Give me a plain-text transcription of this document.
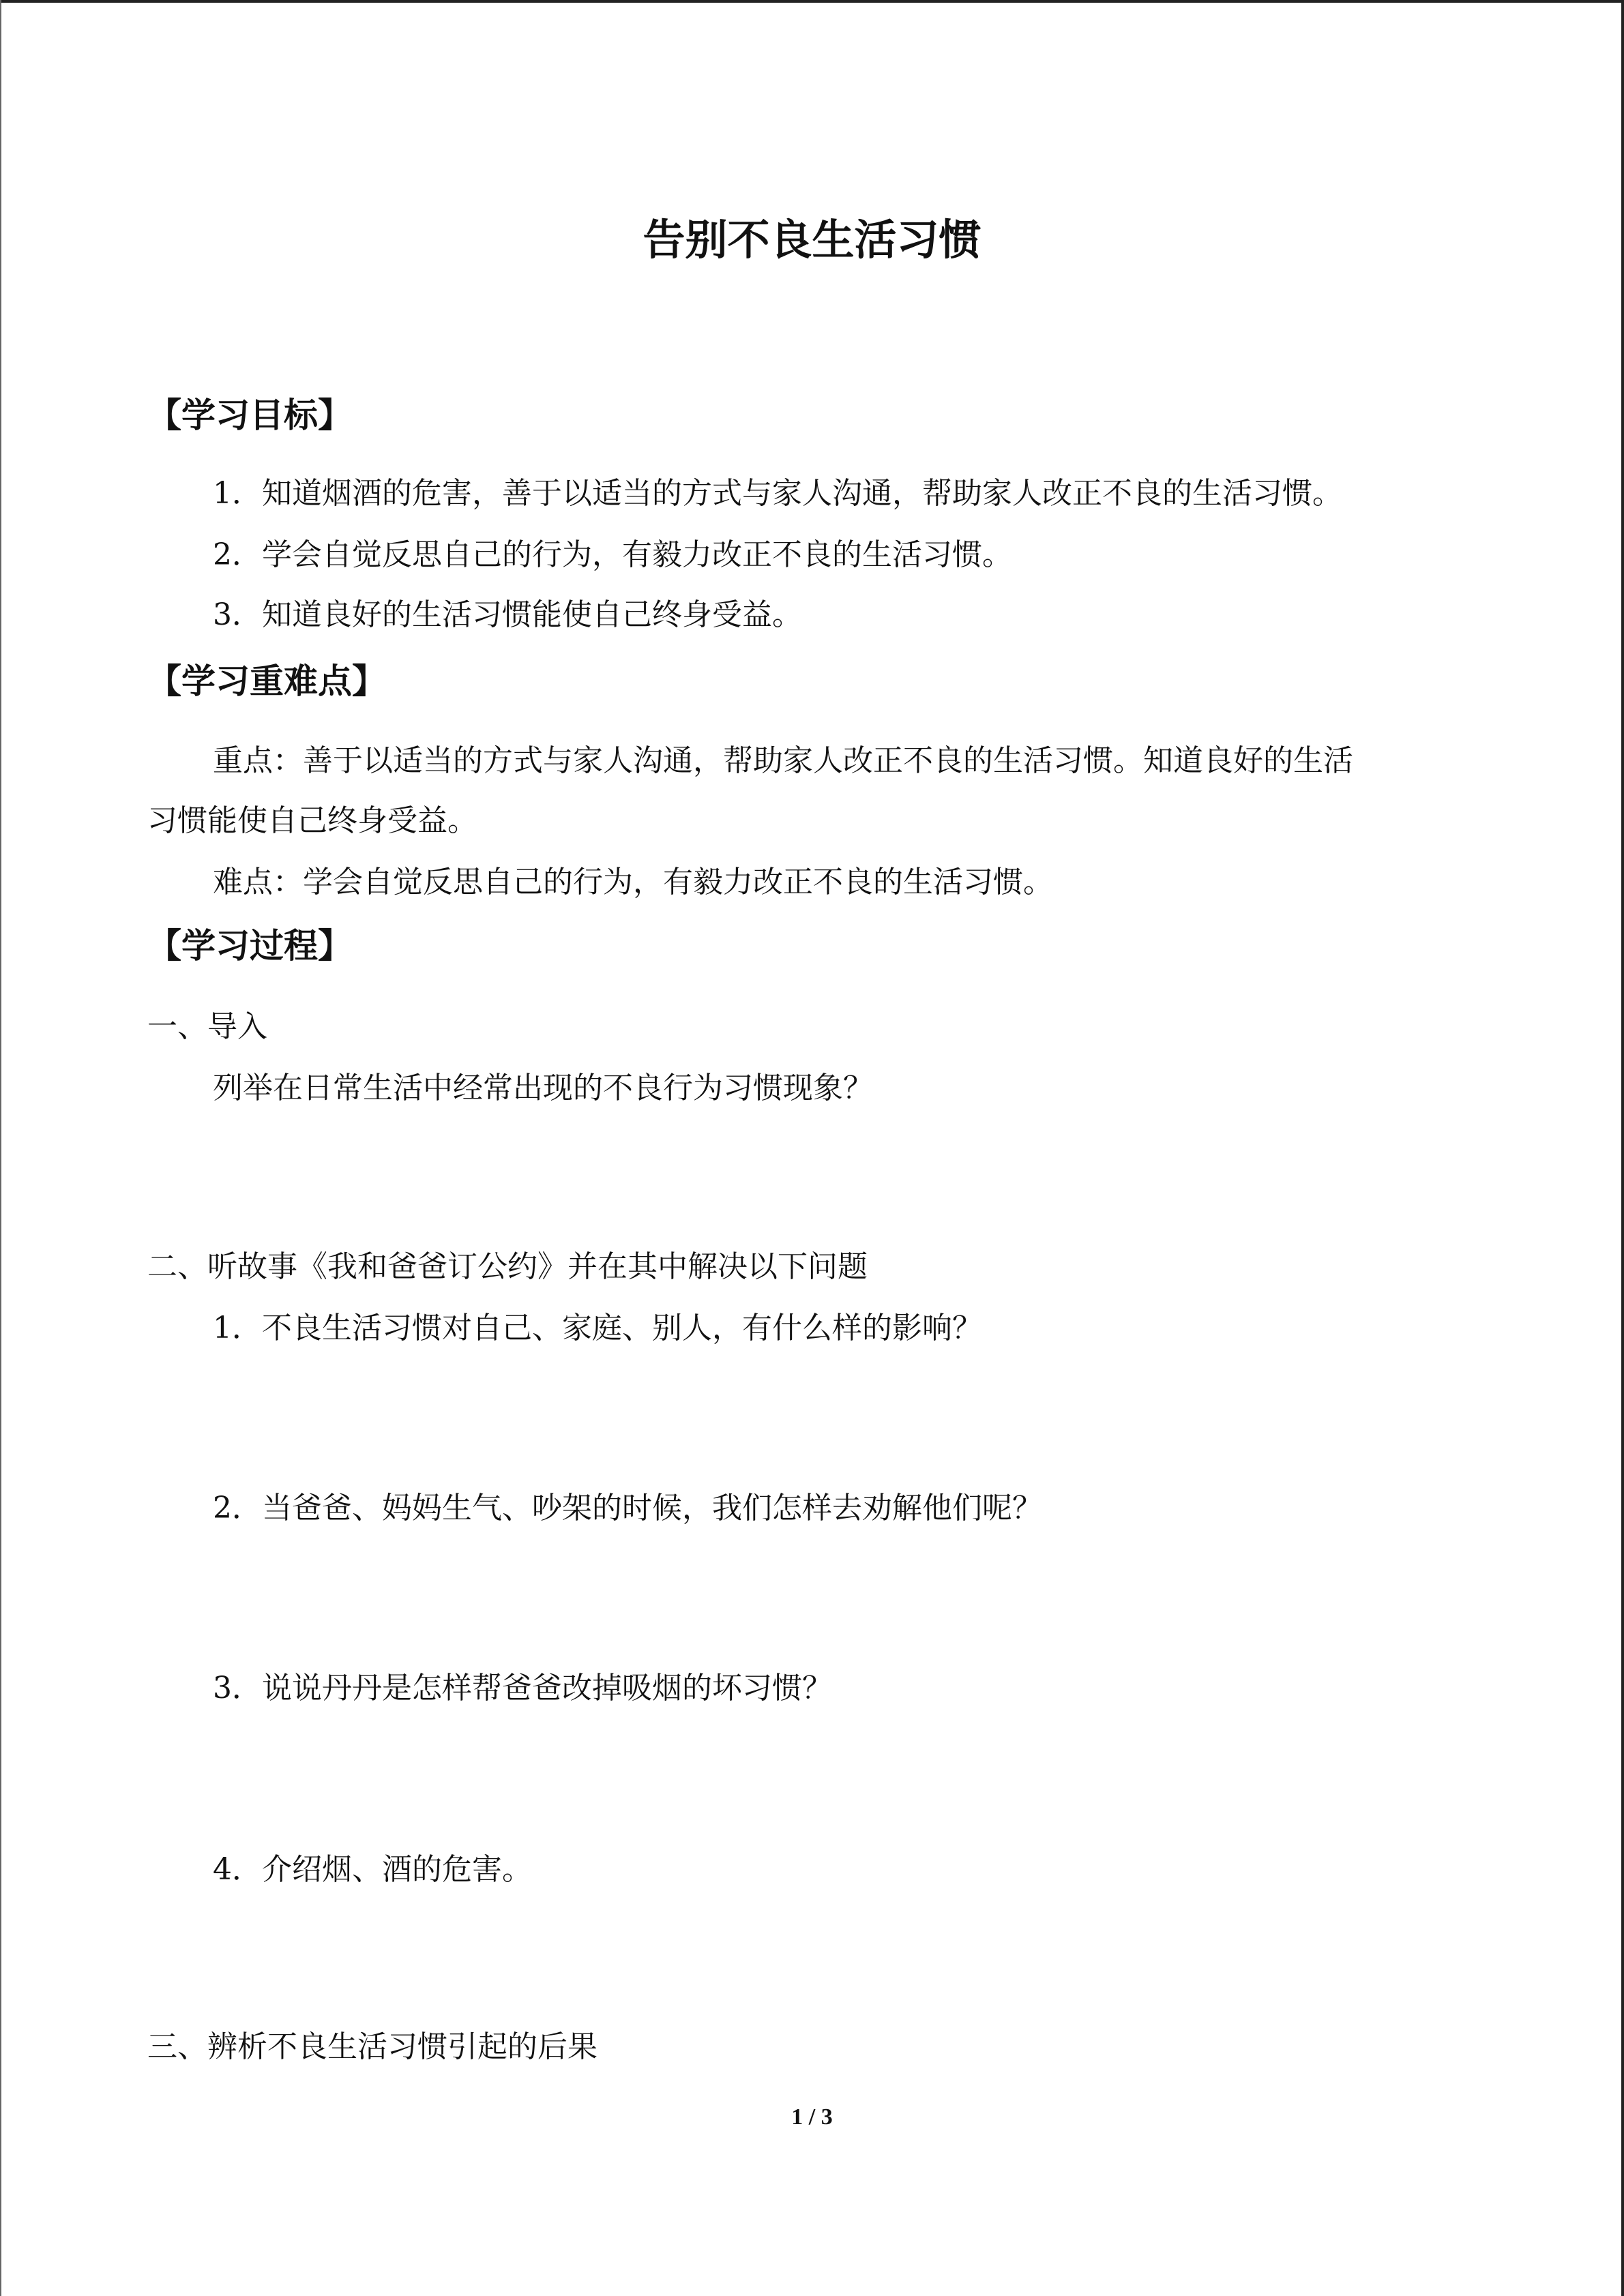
告别不良生活习惯
【学习目标】
1．知道烟酒的危害，善于以适当的方式与家人沟通，帮助家人改正不良的生活习惯。
2．学会自觉反思自己的行为，有毅力改正不良的生活习惯。
3．知道良好的生活习惯能使自己终身受益。
【学习重难点】
重点：善于以适当的方式与家人沟通，帮助家人改正不良的生活习惯。知道良好的生活
习惯能使自己终身受益。
难点：学会自觉反思自己的行为，有毅力改正不良的生活习惯。
【学习过程】
一、导入
列举在日常生活中经常出现的不良行为习惯现象？
二、听故事《我和爸爸订公约》并在其中解决以下问题
1．不良生活习惯对自己、家庭、别人，有什么样的影响？
2．当爸爸、妈妈生气、吵架的时候，我们怎样去劝解他们呢？
3．说说丹丹是怎样帮爸爸改掉吸烟的坏习惯？
4．介绍烟、酒的危害。
三、辨析不良生活习惯引起的后果
1 / 3
